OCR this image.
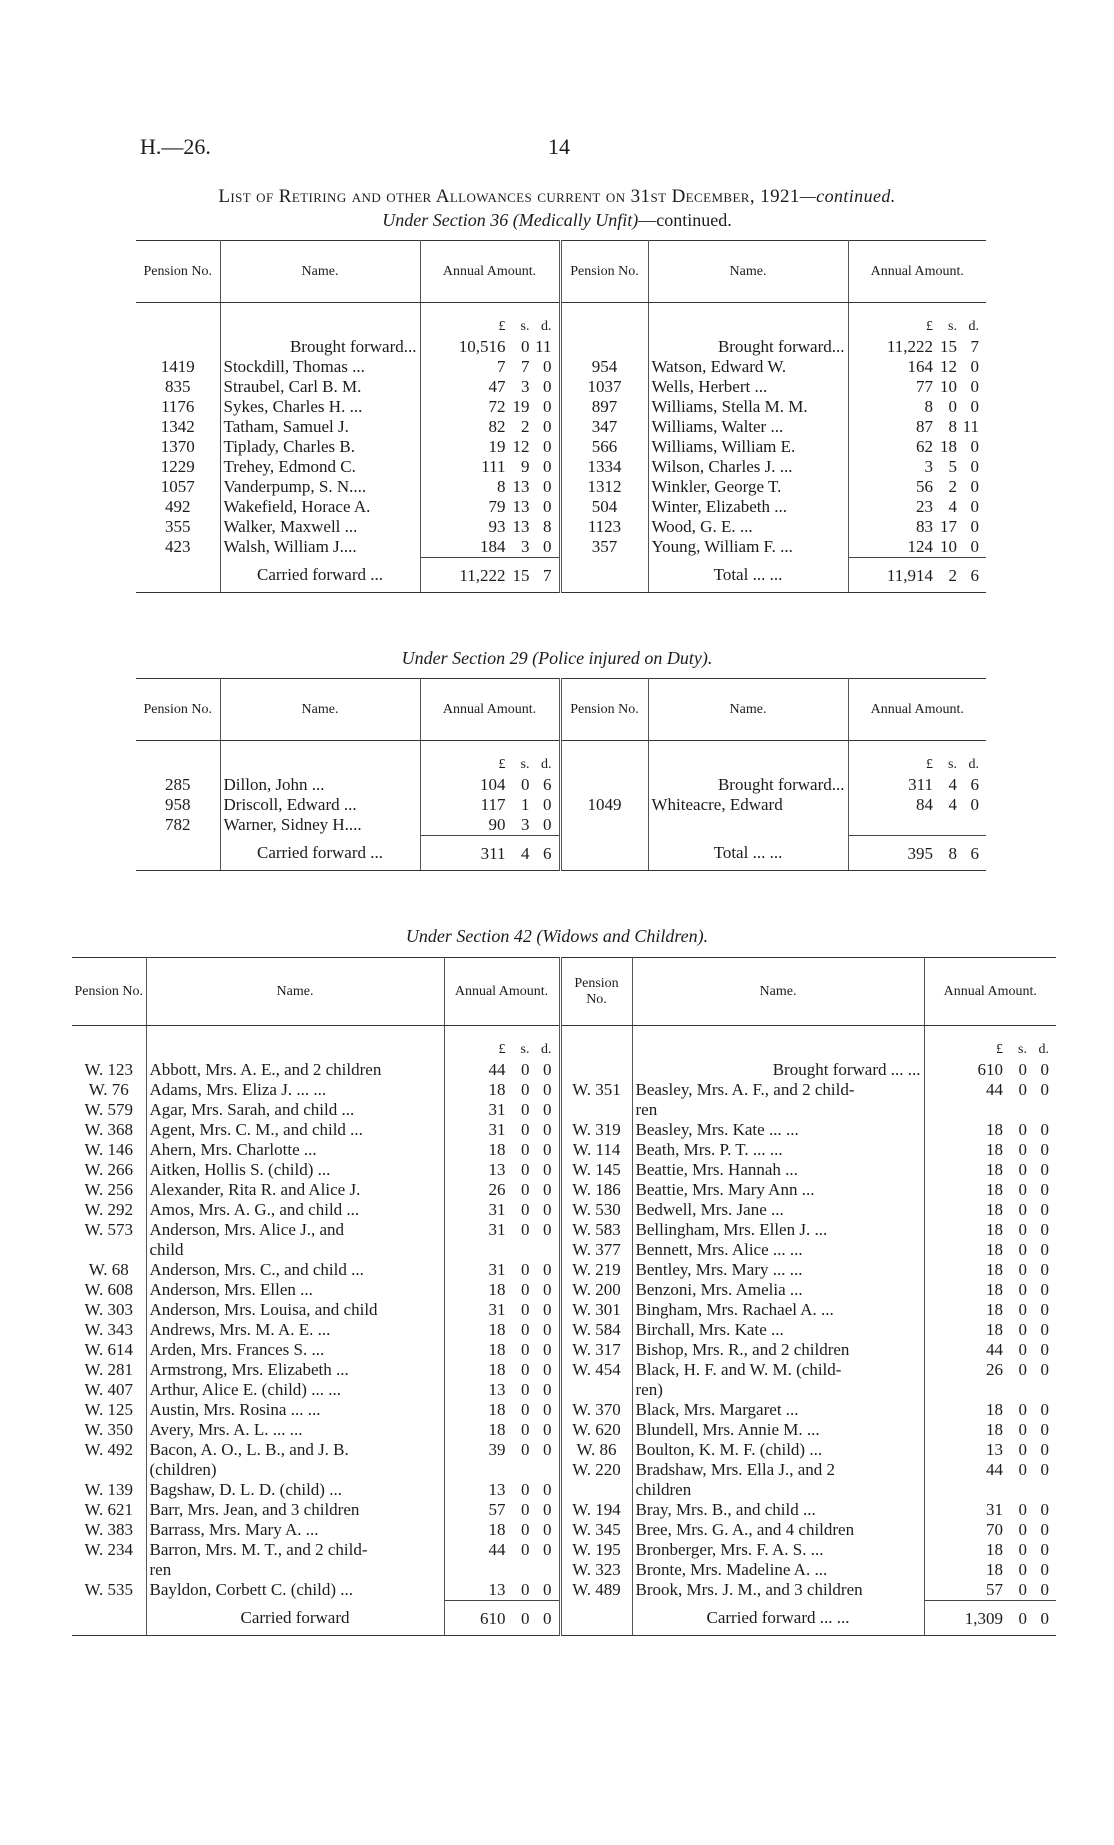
H.—26.	14
List of Retiring and other Allowances current on 31st December, 1921—continued.
Under Section 36 (Medically Unfit)—continued.
Under Section 29 (Police injured on Duty).
Under Section 42 (Widows and Children).
Pension No.	Name.	Annual Amount.	Pension No.	Name.	Annual Amount.

		£ s. d.			£ s. d.

	Brought forward...	10,516 0 11		Brought forward...	11,222 15 7

1419	Stockdill, Thomas ...	7 7 0	954	Watson, Edward W.	164 12 0

835	Straubel, Carl B. M.	47 3 0	1037	Wells, Herbert ...	77 10 0

1176	Sykes, Charles H. ...	72 19 0	897	Williams, Stella M. M.	8 0 0

1342	Tatham, Samuel J.	82 2 0	347	Williams, Walter ...	87 8 11

1370	Tiplady, Charles B.	19 12 0	566	Williams, William E.	62 18 0

1229	Trehey, Edmond C.	111 9 0	1334	Wilson, Charles J. ...	3 5 0

1057	Vanderpump, S. N....	8 13 0	1312	Winkler, George T.	56 2 0

492	Wakefield, Horace A.	79 13 0	504	Winter, Elizabeth ...	23 4 0

355	Walker, Maxwell ...	93 13 8	1123	Wood, G. E. ...	83 17 0

423	Walsh, William J....	184 3 0	357	Young, William F. ...	124 10 0

	Carried forward ...	11,222 15 7		Total ... ...	11,914 2 6
Pension No.	Name.	Annual Amount.	Pension No.	Name.	Annual Amount.

		£ s. d.			£ s. d.

285	Dillon, John ...	104 0 6		Brought forward...	311 4 6

958	Driscoll, Edward ...	117 1 0	1049	Whiteacre, Edward	84 4 0

782	Warner, Sidney H....	90 3 0			

	Carried forward ...	311 4 6		Total ... ...	395 8 6
Pension No.	Name.	Annual Amount.	Pension No.	Name.	Annual Amount.

		£ s. d.			£ s. d.

W. 123	Abbott, Mrs. A. E., and 2 children	44 0 0		Brought forward ... ...	610 0 0

W. 76	Adams, Mrs. Eliza J. ... ...	18 0 0	W. 351	Beasley, Mrs. A. F., and 2 child-	44 0 0

W. 579	Agar, Mrs. Sarah, and child ...	31 0 0		ren	

W. 368	Agent, Mrs. C. M., and child ...	31 0 0	W. 319	Beasley, Mrs. Kate ... ...	18 0 0

W. 146	Ahern, Mrs. Charlotte ...	18 0 0	W. 114	Beath, Mrs. P. T. ... ...	18 0 0

W. 266	Aitken, Hollis S. (child) ...	13 0 0	W. 145	Beattie, Mrs. Hannah ...	18 0 0

W. 256	Alexander, Rita R. and Alice J.	26 0 0	W. 186	Beattie, Mrs. Mary Ann ...	18 0 0

W. 292	Amos, Mrs. A. G., and child ...	31 0 0	W. 530	Bedwell, Mrs. Jane ...	18 0 0

W. 573	Anderson, Mrs. Alice J., and	31 0 0	W. 583	Bellingham, Mrs. Ellen J. ...	18 0 0

	child		W. 377	Bennett, Mrs. Alice ... ...	18 0 0

W. 68	Anderson, Mrs. C., and child ...	31 0 0	W. 219	Bentley, Mrs. Mary ... ...	18 0 0

W. 608	Anderson, Mrs. Ellen ...	18 0 0	W. 200	Benzoni, Mrs. Amelia ...	18 0 0

W. 303	Anderson, Mrs. Louisa, and child	31 0 0	W. 301	Bingham, Mrs. Rachael A. ...	18 0 0

W. 343	Andrews, Mrs. M. A. E. ...	18 0 0	W. 584	Birchall, Mrs. Kate ...	18 0 0

W. 614	Arden, Mrs. Frances S. ...	18 0 0	W. 317	Bishop, Mrs. R., and 2 children	44 0 0

W. 281	Armstrong, Mrs. Elizabeth ...	18 0 0	W. 454	Black, H. F. and W. M. (child-	26 0 0

W. 407	Arthur, Alice E. (child) ... ...	13 0 0		ren)	

W. 125	Austin, Mrs. Rosina ... ...	18 0 0	W. 370	Black, Mrs. Margaret ...	18 0 0

W. 350	Avery, Mrs. A. L. ... ...	18 0 0	W. 620	Blundell, Mrs. Annie M. ...	18 0 0

W. 492	Bacon, A. O., L. B., and J. B.	39 0 0	W. 86	Boulton, K. M. F. (child) ...	13 0 0

	(children)		W. 220	Bradshaw, Mrs. Ella J., and 2	44 0 0

W. 139	Bagshaw, D. L. D. (child) ...	13 0 0		children	

W. 621	Barr, Mrs. Jean, and 3 children	57 0 0	W. 194	Bray, Mrs. B., and child ...	31 0 0

W. 383	Barrass, Mrs. Mary A. ...	18 0 0	W. 345	Bree, Mrs. G. A., and 4 children	70 0 0

W. 234	Barron, Mrs. M. T., and 2 child-	44 0 0	W. 195	Bronberger, Mrs. F. A. S. ...	18 0 0

	ren		W. 323	Bronte, Mrs. Madeline A. ...	18 0 0

W. 535	Bayldon, Corbett C. (child) ...	13 0 0	W. 489	Brook, Mrs. J. M., and 3 children	57 0 0

	Carried forward	610 0 0		Carried forward ... ...	1,309 0 0
